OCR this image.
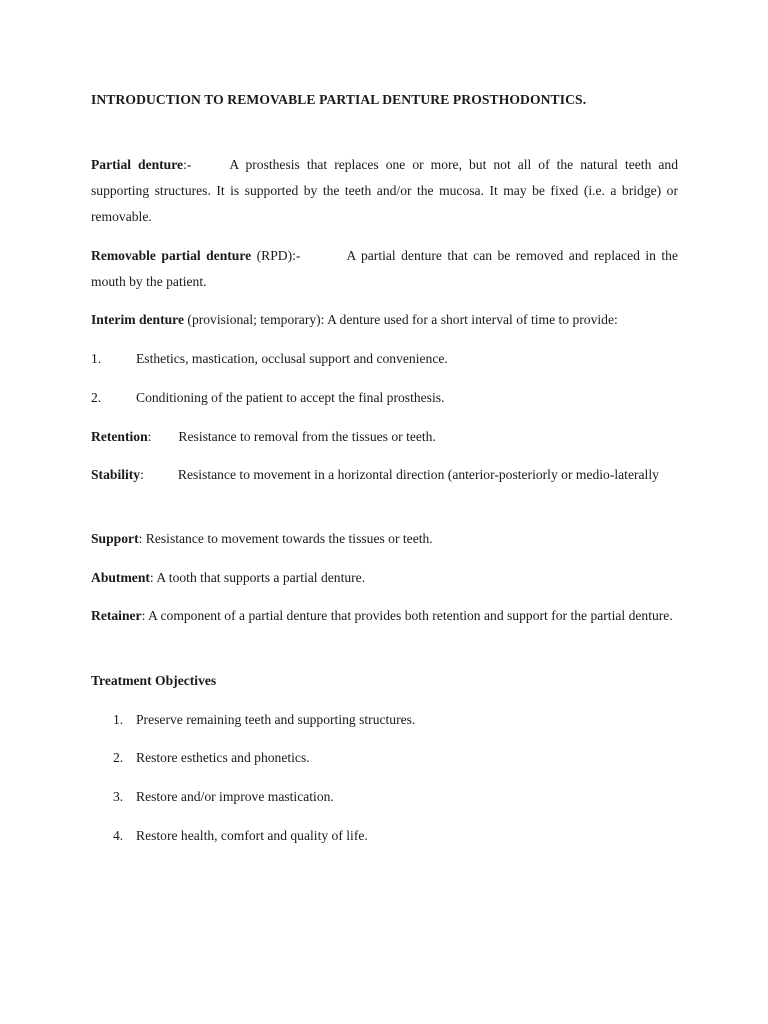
INTRODUCTION TO REMOVABLE PARTIAL DENTURE PROSTHODONTICS.
Partial denture:-	A prosthesis that replaces one or more, but not all of the natural teeth and supporting structures. It is supported by the teeth and/or the mucosa. It may be fixed (i.e. a bridge) or removable.
Removable partial denture (RPD):-	A partial denture that can be removed and replaced in the mouth by the patient.
Interim denture (provisional; temporary): A denture used for a short interval of time to provide:
1.	Esthetics, mastication, occlusal support and convenience.
2.	Conditioning of the patient to accept the final prosthesis.
Retention: Resistance to removal from the tissues or teeth.
Stability:	Resistance to movement in a horizontal direction (anterior-posteriorly or medio-laterally
Support: Resistance to movement towards the tissues or teeth.
Abutment: A tooth that supports a partial denture.
Retainer: A component of a partial denture that provides both retention and support for the partial denture.
Treatment Objectives
1. Preserve remaining teeth and supporting structures.
2. Restore esthetics and phonetics.
3. Restore and/or improve mastication.
4. Restore health, comfort and quality of life.
